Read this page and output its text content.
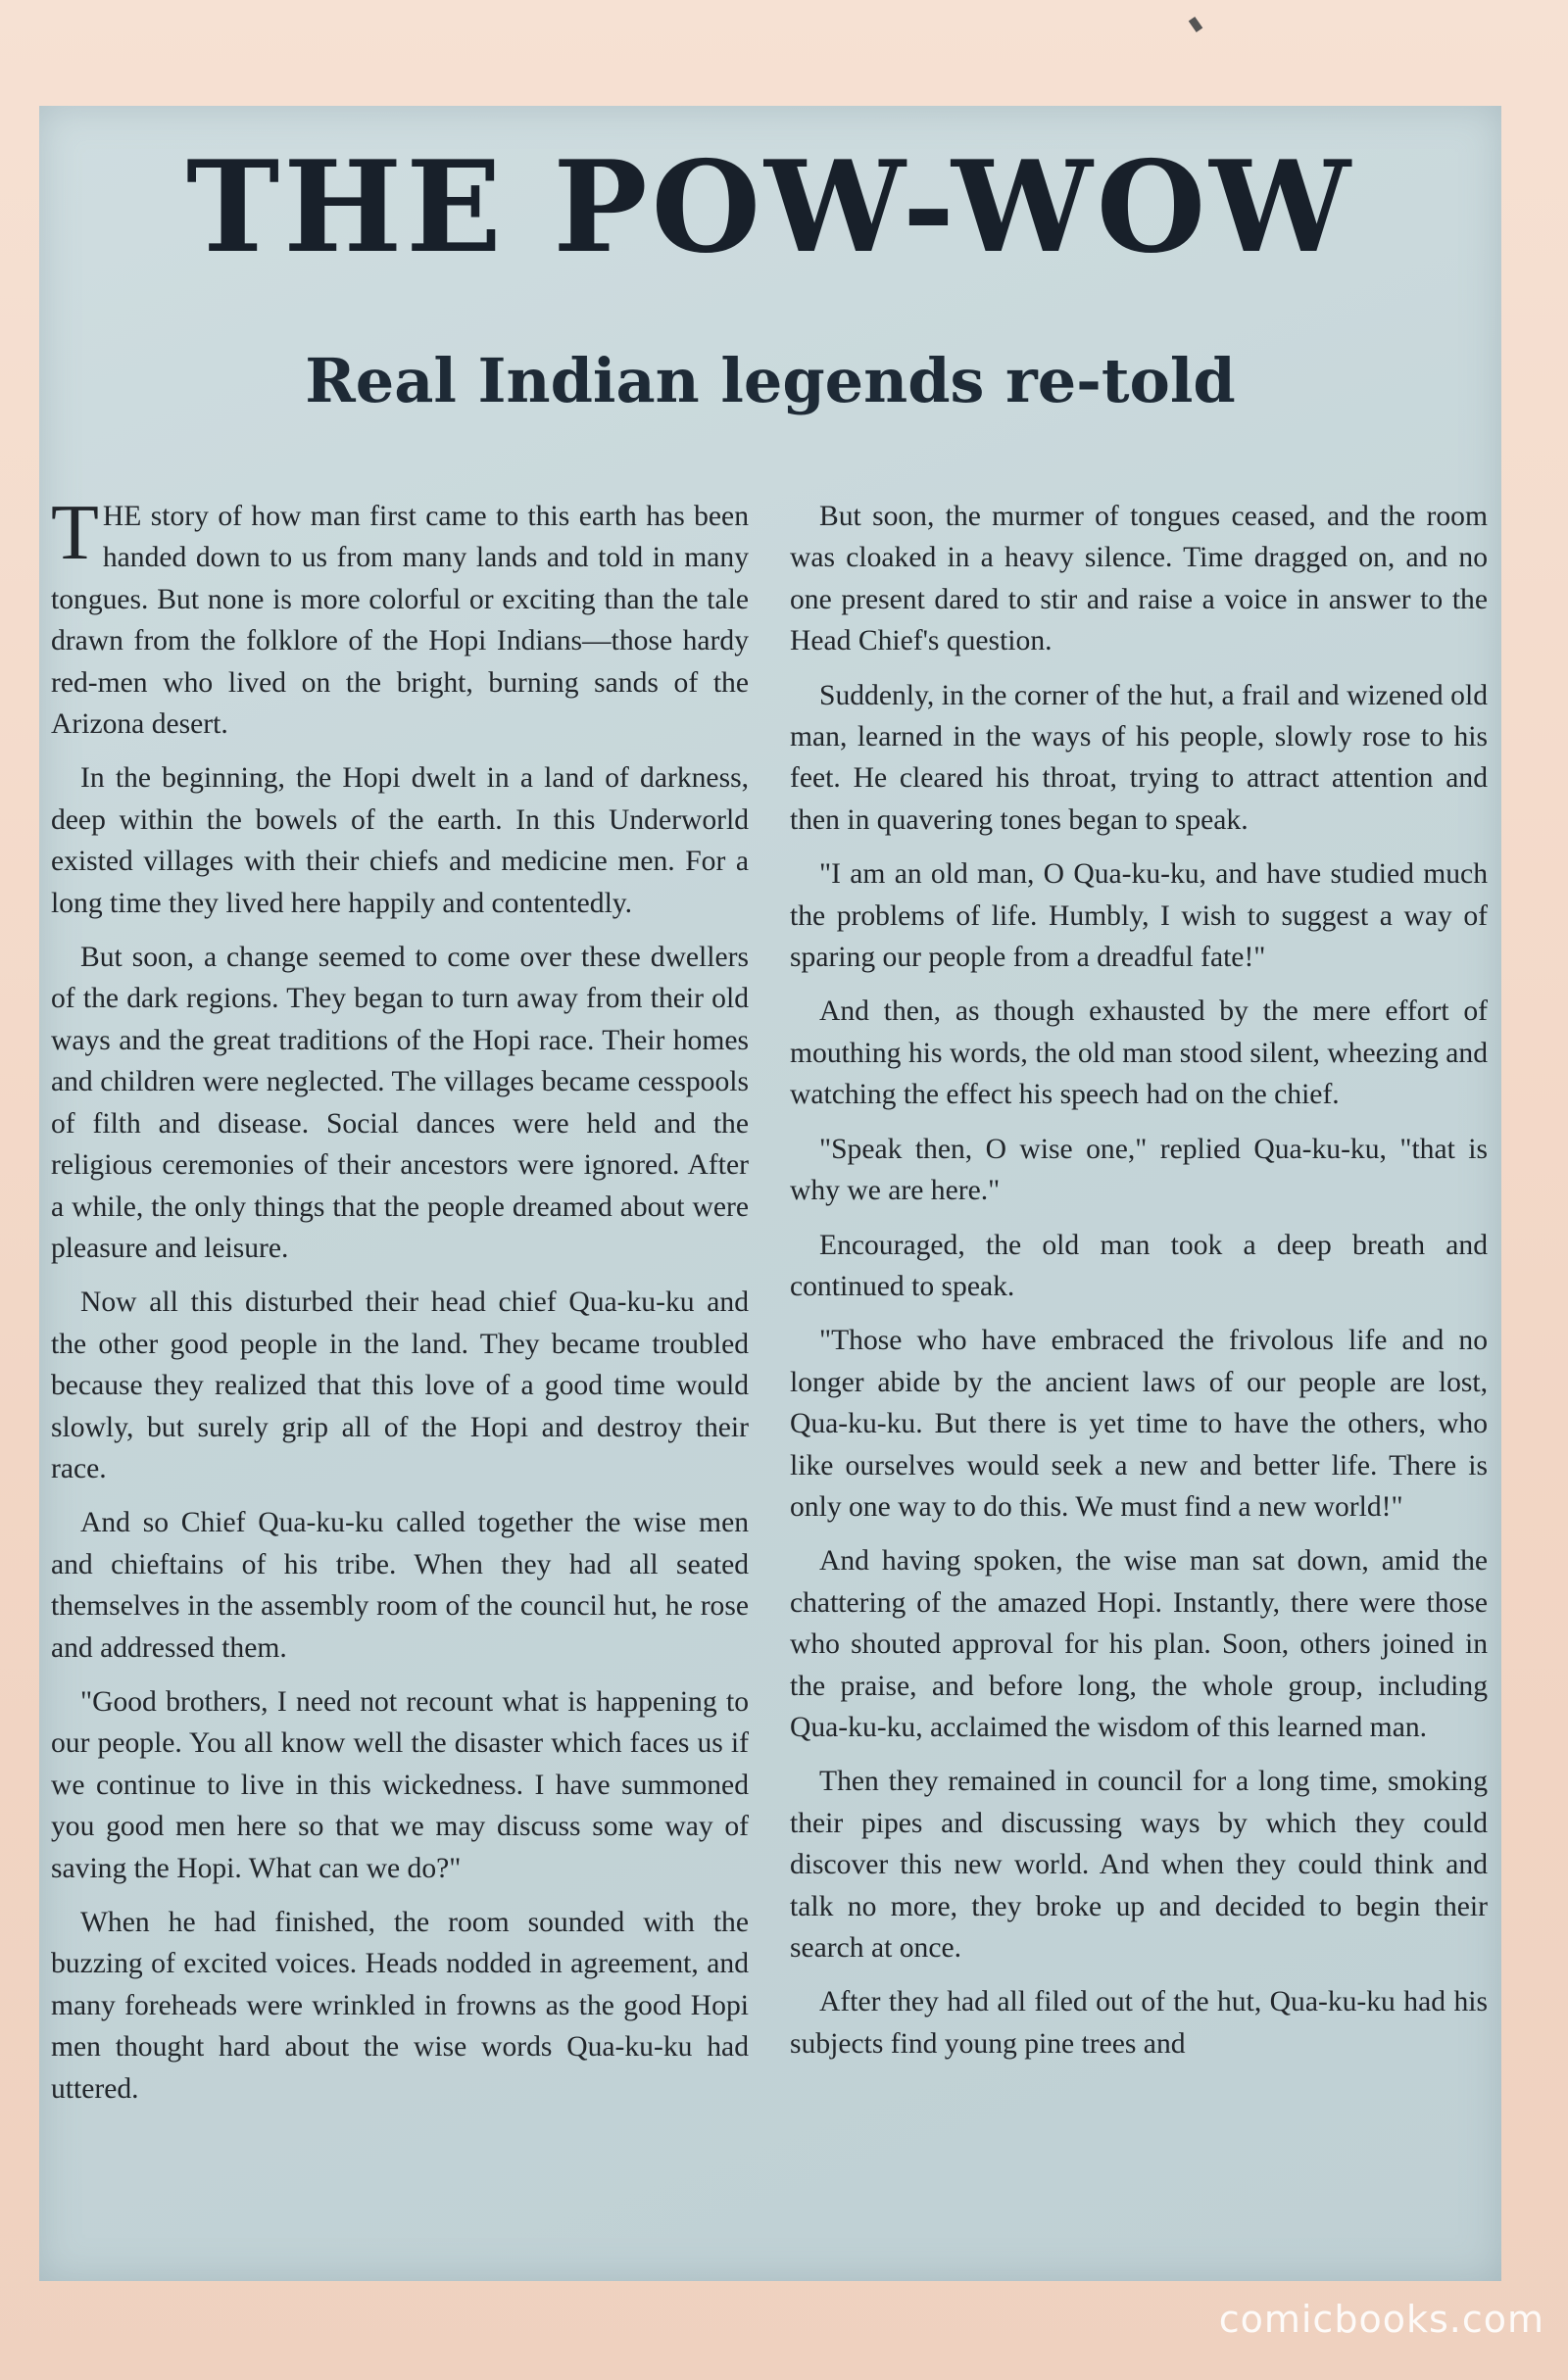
THE POW-WOW
Real Indian legends re-told

THE story of how man first came to this earth has been handed down to us from many lands and told in many tongues. But none is more colorful or exciting than the tale drawn from the folklore of the Hopi Indians—those hardy red-men who lived on the bright, burning sands of the Arizona desert.

In the beginning, the Hopi dwelt in a land of darkness, deep within the bowels of the earth. In this Underworld existed villages with their chiefs and medicine men. For a long time they lived here happily and contentedly.

But soon, a change seemed to come over these dwellers of the dark regions. They began to turn away from their old ways and the great traditions of the Hopi race. Their homes and children were neglected. The villages became cesspools of filth and disease. Social dances were held and the religious ceremonies of their ancestors were ignored. After a while, the only things that the people dreamed about were pleasure and leisure.

Now all this disturbed their head chief Qua-ku-ku and the other good people in the land. They became troubled because they realized that this love of a good time would slowly, but surely grip all of the Hopi and destroy their race.

And so Chief Qua-ku-ku called together the wise men and chieftains of his tribe. When they had all seated themselves in the assembly room of the council hut, he rose and addressed them.

"Good brothers, I need not recount what is happening to our people. You all know well the disaster which faces us if we continue to live in this wickedness. I have summoned you good men here so that we may discuss some way of saving the Hopi. What can we do?"

When he had finished, the room sounded with the buzzing of excited voices. Heads nodded in agreement, and many foreheads were wrinkled in frowns as the good Hopi men thought hard about the wise words Qua-ku-ku had uttered.

But soon, the murmer of tongues ceased, and the room was cloaked in a heavy silence. Time dragged on, and no one present dared to stir and raise a voice in answer to the Head Chief's question.

Suddenly, in the corner of the hut, a frail and wizened old man, learned in the ways of his people, slowly rose to his feet. He cleared his throat, trying to attract attention and then in quavering tones began to speak.

"I am an old man, O Qua-ku-ku, and have studied much the problems of life. Humbly, I wish to suggest a way of sparing our people from a dreadful fate!"

And then, as though exhausted by the mere effort of mouthing his words, the old man stood silent, wheezing and watching the effect his speech had on the chief.

"Speak then, O wise one," replied Qua-ku-ku, "that is why we are here."

Encouraged, the old man took a deep breath and continued to speak.

"Those who have embraced the frivolous life and no longer abide by the ancient laws of our people are lost, Qua-ku-ku. But there is yet time to have the others, who like ourselves would seek a new and better life. There is only one way to do this. We must find a new world!"

And having spoken, the wise man sat down, amid the chattering of the amazed Hopi. Instantly, there were those who shouted approval for his plan. Soon, others joined in the praise, and before long, the whole group, including Qua-ku-ku, acclaimed the wisdom of this learned man.

Then they remained in council for a long time, smoking their pipes and discussing ways by which they could discover this new world. And when they could think and talk no more, they broke up and decided to begin their search at once.

After they had all filed out of the hut, Qua-ku-ku had his subjects find young pine trees and

comicbooks.com
